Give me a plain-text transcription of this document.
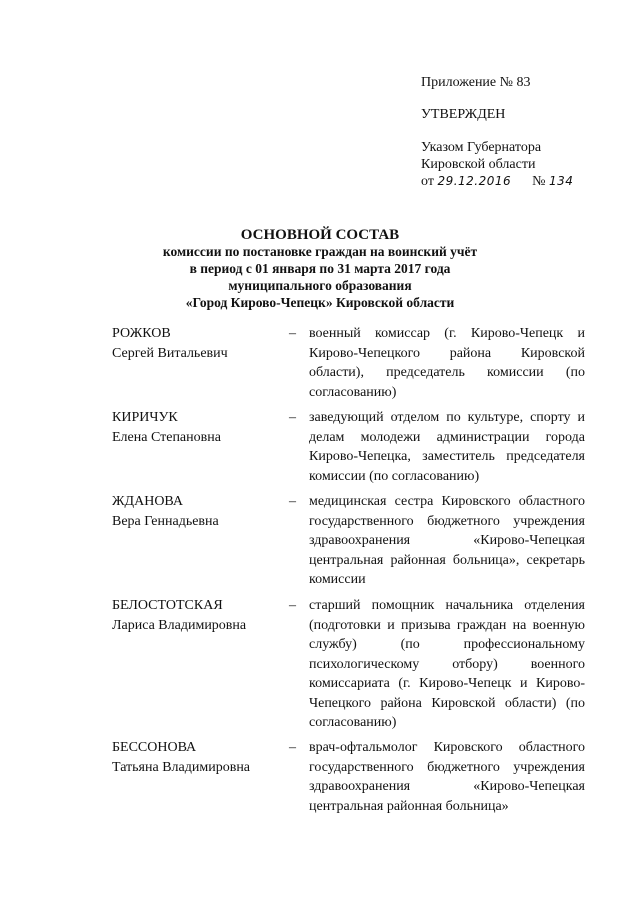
Приложение № 83
УТВЕРЖДЕН
Указом Губернатора
Кировской области
от 29.12.2016 № 134
ОСНОВНОЙ СОСТАВ
комиссии по постановке граждан на воинский учёт
в период с 01 января по 31 марта 2017 года
муниципального образования
«Город Кирово-Чепецк» Кировской области
РОЖКОВ
Сергей Витальевич
– военный комиссар (г. Кирово-Чепецк и Кирово-Чепецкого района Кировской области), председатель комиссии (по согласованию)
КИРИЧУК
Елена Степановна
– заведующий отделом по культуре, спорту и делам молодежи администрации города Кирово-Чепецка, заместитель председателя комиссии (по согласованию)
ЖДАНОВА
Вера Геннадьевна
– медицинская сестра Кировского областного государственного бюджетного учреждения здравоохранения «Кирово-Чепецкая центральная районная больница», секретарь комиссии
БЕЛОСТОТСКАЯ
Лариса Владимировна
– старший помощник начальника отделения (подготовки и призыва граждан на военную службу) (по профессиональному психологическому отбору) военного комиссариата (г. Кирово-Чепецк и Кирово-Чепецкого района Кировской области) (по согласованию)
БЕССОНОВА
Татьяна Владимировна
– врач-офтальмолог Кировского областного государственного бюджетного учреждения здравоохранения «Кирово-Чепецкая центральная районная больница»
